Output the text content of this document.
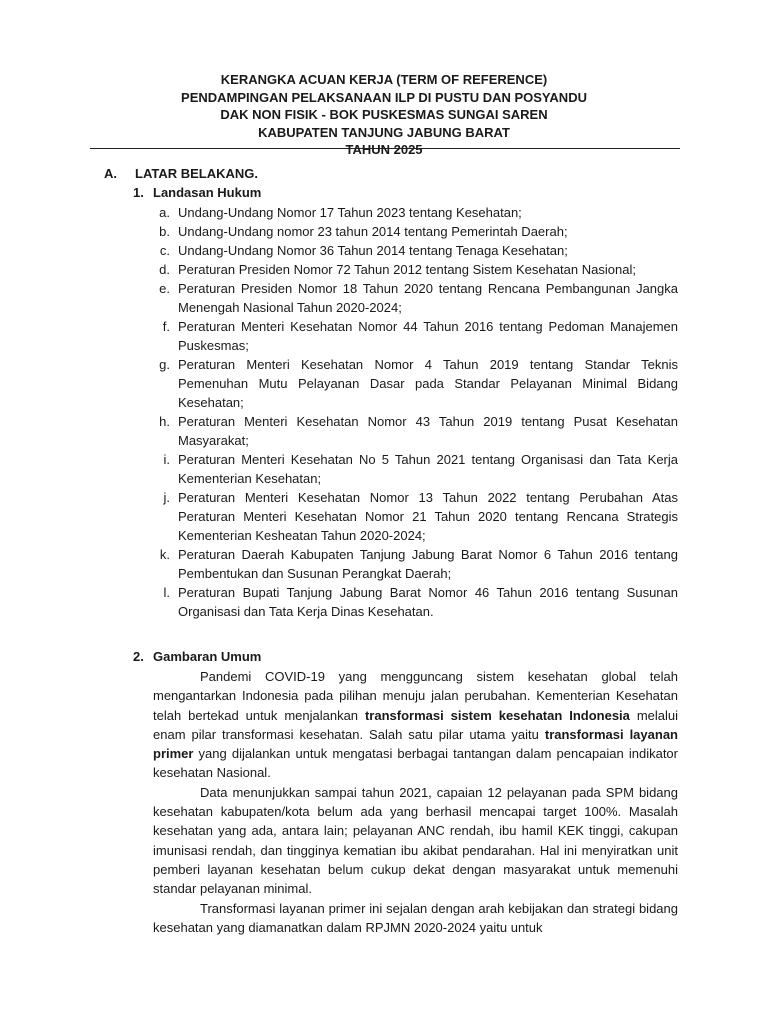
KERANGKA ACUAN KERJA (TERM OF REFERENCE)
PENDAMPINGAN PELAKSANAAN ILP DI PUSTU DAN POSYANDU
DAK NON FISIK - BOK PUSKESMAS SUNGAI SAREN
KABUPATEN TANJUNG JABUNG BARAT
TAHUN 2025
A. LATAR BELAKANG.
1. Landasan Hukum
a. Undang-Undang Nomor 17 Tahun 2023 tentang Kesehatan;
b. Undang-Undang nomor 23 tahun 2014 tentang Pemerintah Daerah;
c. Undang-Undang Nomor 36 Tahun 2014 tentang Tenaga Kesehatan;
d. Peraturan Presiden Nomor 72 Tahun 2012 tentang Sistem Kesehatan Nasional;
e. Peraturan Presiden Nomor 18 Tahun 2020 tentang Rencana Pembangunan Jangka Menengah Nasional Tahun 2020-2024;
f. Peraturan Menteri Kesehatan Nomor 44 Tahun 2016 tentang Pedoman Manajemen Puskesmas;
g. Peraturan Menteri Kesehatan Nomor 4 Tahun 2019 tentang Standar Teknis Pemenuhan Mutu Pelayanan Dasar pada Standar Pelayanan Minimal Bidang Kesehatan;
h. Peraturan Menteri Kesehatan Nomor 43 Tahun 2019 tentang Pusat Kesehatan Masyarakat;
i. Peraturan Menteri Kesehatan No 5 Tahun 2021 tentang Organisasi dan Tata Kerja Kementerian Kesehatan;
j. Peraturan Menteri Kesehatan Nomor 13 Tahun 2022 tentang Perubahan Atas Peraturan Menteri Kesehatan Nomor 21 Tahun 2020 tentang Rencana Strategis Kementerian Kesheatan Tahun 2020-2024;
k. Peraturan Daerah Kabupaten Tanjung Jabung Barat Nomor 6 Tahun 2016 tentang Pembentukan dan Susunan Perangkat Daerah;
l. Peraturan Bupati Tanjung Jabung Barat Nomor 46 Tahun 2016 tentang Susunan Organisasi dan Tata Kerja Dinas Kesehatan.
2. Gambaran Umum

Pandemi COVID-19 yang mengguncang sistem kesehatan global telah mengantarkan Indonesia pada pilihan menuju jalan perubahan. Kementerian Kesehatan telah bertekad untuk menjalankan transformasi sistem kesehatan Indonesia melalui enam pilar transformasi kesehatan. Salah satu pilar utama yaitu transformasi layanan primer yang dijalankan untuk mengatasi berbagai tantangan dalam pencapaian indikator kesehatan Nasional.

Data menunjukkan sampai tahun 2021, capaian 12 pelayanan pada SPM bidang kesehatan kabupaten/kota belum ada yang berhasil mencapai target 100%. Masalah kesehatan yang ada, antara lain; pelayanan ANC rendah, ibu hamil KEK tinggi, cakupan imunisasi rendah, dan tingginya kematian ibu akibat pendarahan. Hal ini menyiratkan unit pemberi layanan kesehatan belum cukup dekat dengan masyarakat untuk memenuhi standar pelayanan minimal.

Transformasi layanan primer ini sejalan dengan arah kebijakan dan strategi bidang kesehatan yang diamanatkan dalam RPJMN 2020-2024 yaitu untuk
